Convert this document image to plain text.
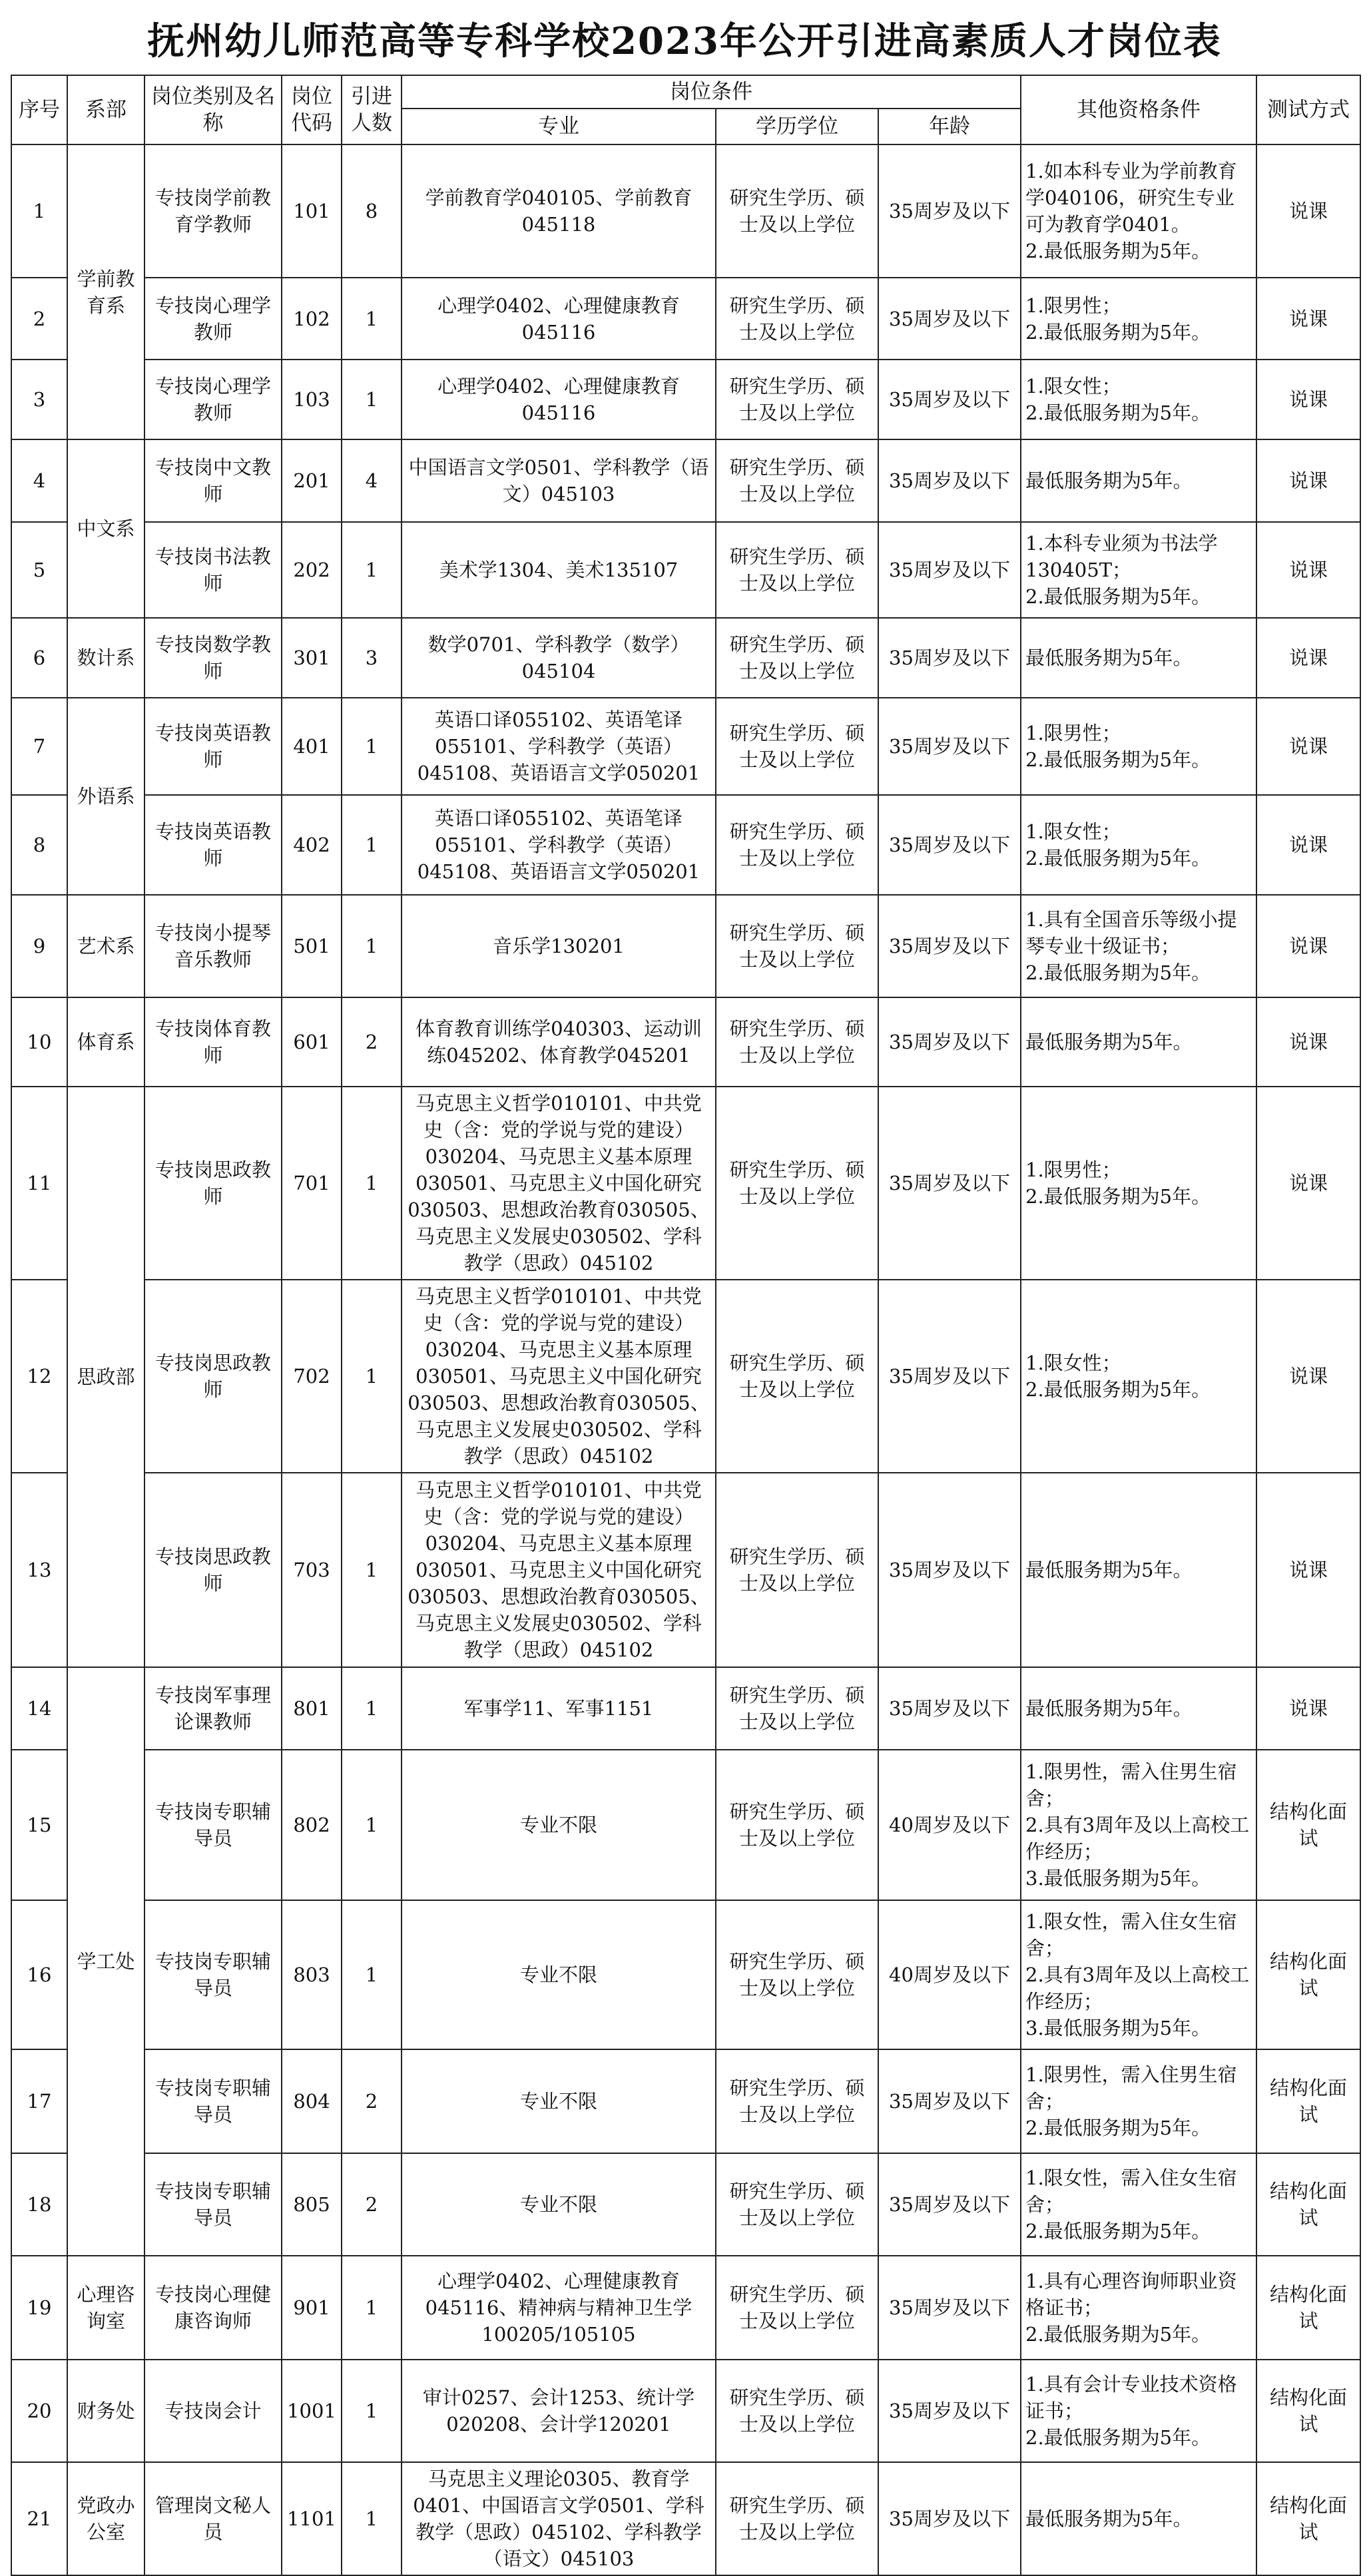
抚州幼儿师范高等专科学校2023年公开引进高素质人才岗位表
序号	系部	岗位类别及名称	岗位代码	引进人数	岗位条件			其他资格条件	测试方式
					专业	学历学位	年龄		
1	学前教育系	专技岗学前教育学教师	101	8	学前教育学040105、学前教育045118	研究生学历、硕士及以上学位	35周岁及以下	1.如本科专业为学前教育学040106，研究生专业可为教育学0401。
2.最低服务期为5年。	说课
2		专技岗心理学教师	102	1	心理学0402、心理健康教育045116	研究生学历、硕士及以上学位	35周岁及以下	1.限男性；
2.最低服务期为5年。	说课
3		专技岗心理学教师	103	1	心理学0402、心理健康教育045116	研究生学历、硕士及以上学位	35周岁及以下	1.限女性；
2.最低服务期为5年。	说课
4	中文系	专技岗中文教师	201	4	中国语言文学0501、学科教学（语文）045103	研究生学历、硕士及以上学位	35周岁及以下	最低服务期为5年。	说课
5		专技岗书法教师	202	1	美术学1304、美术135107	研究生学历、硕士及以上学位	35周岁及以下	1.本科专业须为书法学130405T；
2.最低服务期为5年。	说课
6	数计系	专技岗数学教师	301	3	数学0701、学科教学（数学）045104	研究生学历、硕士及以上学位	35周岁及以下	最低服务期为5年。	说课
7	外语系	专技岗英语教师	401	1	英语口译055102、英语笔译055101、学科教学（英语）045108、英语语言文学050201	研究生学历、硕士及以上学位	35周岁及以下	1.限男性；
2.最低服务期为5年。	说课
8		专技岗英语教师	402	1	英语口译055102、英语笔译055101、学科教学（英语）045108、英语语言文学050201	研究生学历、硕士及以上学位	35周岁及以下	1.限女性；
2.最低服务期为5年。	说课
9	艺术系	专技岗小提琴音乐教师	501	1	音乐学130201	研究生学历、硕士及以上学位	35周岁及以下	1.具有全国音乐等级小提琴专业十级证书；
2.最低服务期为5年。	说课
10	体育系	专技岗体育教师	601	2	体育教育训练学040303、运动训练045202、体育教学045201	研究生学历、硕士及以上学位	35周岁及以下	最低服务期为5年。	说课
11	思政部	专技岗思政教师	701	1	马克思主义哲学010101、中共党史（含：党的学说与党的建设）030204、马克思主义基本原理030501、马克思主义中国化研究030503、思想政治教育030505、马克思主义发展史030502、学科教学（思政）045102	研究生学历、硕士及以上学位	35周岁及以下	1.限男性；
2.最低服务期为5年。	说课
12		专技岗思政教师	702	1	马克思主义哲学010101、中共党史（含：党的学说与党的建设）030204、马克思主义基本原理030501、马克思主义中国化研究030503、思想政治教育030505、马克思主义发展史030502、学科教学（思政）045102	研究生学历、硕士及以上学位	35周岁及以下	1.限女性；
2.最低服务期为5年。	说课
13		专技岗思政教师	703	1	马克思主义哲学010101、中共党史（含：党的学说与党的建设）030204、马克思主义基本原理030501、马克思主义中国化研究030503、思想政治教育030505、马克思主义发展史030502、学科教学（思政）045102	研究生学历、硕士及以上学位	35周岁及以下	最低服务期为5年。	说课
14	学工处	专技岗军事理论课教师	801	1	军事学11、军事1151	研究生学历、硕士及以上学位	35周岁及以下	最低服务期为5年。	说课
15		专技岗专职辅导员	802	1	专业不限	研究生学历、硕士及以上学位	40周岁及以下	1.限男性，需入住男生宿舍；
2.具有3周年及以上高校工作经历；
3.最低服务期为5年。	结构化面试
16		专技岗专职辅导员	803	1	专业不限	研究生学历、硕士及以上学位	40周岁及以下	1.限女性，需入住女生宿舍；
2.具有3周年及以上高校工作经历；
3.最低服务期为5年。	结构化面试
17		专技岗专职辅导员	804	2	专业不限	研究生学历、硕士及以上学位	35周岁及以下	1.限男性，需入住男生宿舍；
2.最低服务期为5年。	结构化面试
18		专技岗专职辅导员	805	2	专业不限	研究生学历、硕士及以上学位	35周岁及以下	1.限女性，需入住女生宿舍；
2.最低服务期为5年。	结构化面试
19	心理咨询室	专技岗心理健康咨询师	901	1	心理学0402、心理健康教育045116、精神病与精神卫生学100205/105105	研究生学历、硕士及以上学位	35周岁及以下	1.具有心理咨询师职业资格证书；
2.最低服务期为5年。	结构化面试
20	财务处	专技岗会计	1001	1	审计0257、会计1253、统计学020208、会计学120201	研究生学历、硕士及以上学位	35周岁及以下	1.具有会计专业技术资格证书；
2.最低服务期为5年。	结构化面试
21	党政办公室	管理岗文秘人员	1101	1	马克思主义理论0305、教育学0401、中国语言文学0501、学科教学（思政）045102、学科教学（语文）045103	研究生学历、硕士及以上学位	35周岁及以下	最低服务期为5年。	结构化面试
